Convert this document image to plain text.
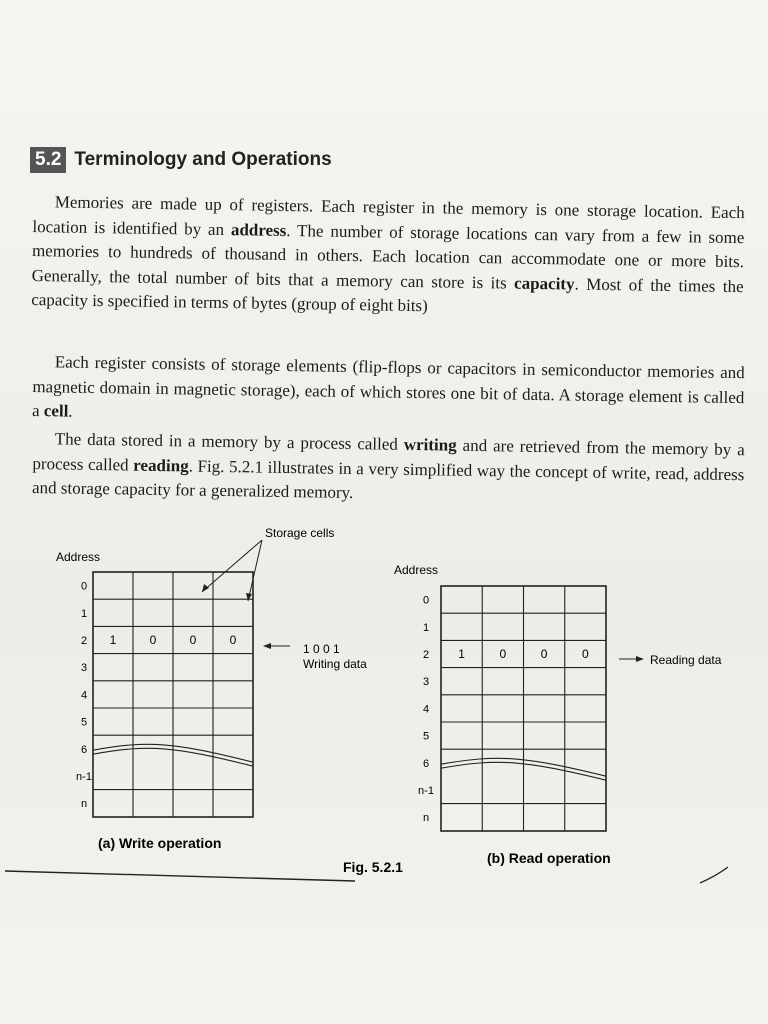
5.2 Terminology and Operations

Memories are made up of registers. Each register in the memory is one storage location. Each location is identified by an address. The number of storage locations can vary from a few in some memories to hundreds of thousand in others. Each location can accommodate one or more bits. Generally, the total number of bits that a memory can store is its capacity. Most of the times the capacity is specified in terms of bytes (group of eight bits)

Each register consists of storage elements (flip-flops or capacitors in semiconductor memories and magnetic domain in magnetic storage), each of which stores one bit of data. A storage element is called a cell.

The data stored in a memory by a process called writing and are retrieved from the memory by a process called reading. Fig. 5.2.1 illustrates in a very simplified way the concept of write, read, address and storage capacity for a generalized memory.

Storage cells
Address
0
1
2
3
4
5
6
n-1
n
1	0	0	0
1 0 0 1
Writing data
(a) Write operation
Address
0
1
2
3
4
5
6
n-1
n
1	0	0	0	Reading data
(b) Read operation
Fig. 5.2.1
